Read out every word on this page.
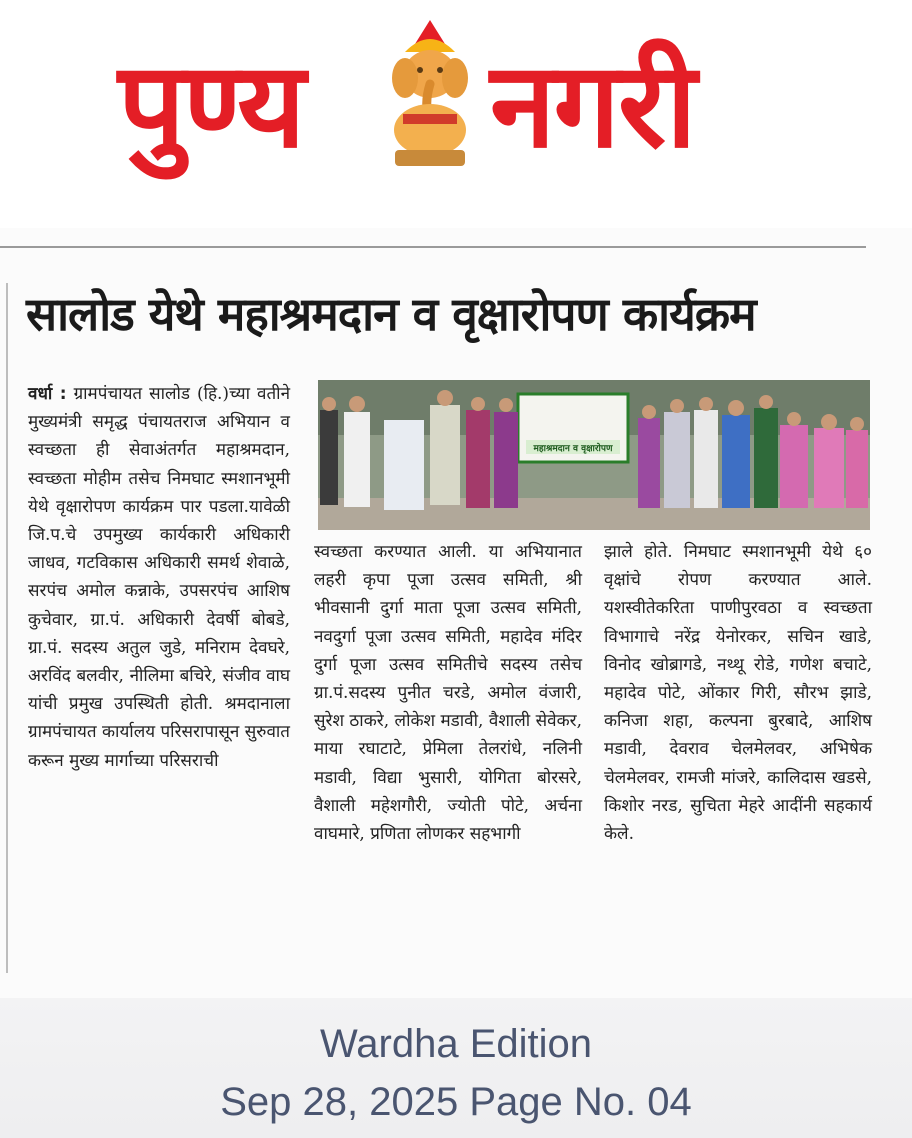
पुण्य नगरी
सालोड येथे महाश्रमदान व वृक्षारोपण कार्यक्रम
वर्धा : ग्रामपंचायत सालोड (हि.)च्या वतीने मुख्यमंत्री समृद्ध पंचायतराज अभियान व स्वच्छता ही सेवाअंतर्गत महाश्रमदान, स्वच्छता मोहीम तसेच निमघाट स्मशानभूमी येथे वृक्षारोपण कार्यक्रम पार पडला.यावेळी जि.प.चे उपमुख्य कार्यकारी अधिकारी जाधव, गटविकास अधिकारी समर्थ शेवाळे, सरपंच अमोल कन्नाके, उपसरपंच आशिष कुचेवार, ग्रा.पं. अधिकारी देवर्षी बोबडे, ग्रा.पं. सदस्य अतुल जुडे, मनिराम देवघरे, अरविंद बलवीर, नीलिमा बचिरे, संजीव वाघ यांची प्रमुख उपस्थिती होती. श्रमदानाला ग्रामपंचायत कार्यालय परिसरापासून सुरुवात करून मुख्य मार्गाच्या परिसराची
महाश्रमदान व वृक्षारोपण
स्वच्छता करण्यात आली. या अभियानात लहरी कृपा पूजा उत्सव समिती, श्री भीवसानी दुर्गा माता पूजा उत्सव समिती, नवदुर्गा पूजा उत्सव समिती, महादेव मंदिर दुर्गा पूजा उत्सव समितीचे सदस्य तसेच ग्रा.पं.सदस्य पुनीत चरडे, अमोल वंजारी, सुरेश ठाकरे, लोकेश मडावी, वैशाली सेवेकर, माया रघाटाटे, प्रेमिला तेलरांधे, नलिनी मडावी, विद्या भुसारी, योगिता बोरसरे, वैशाली महेशगौरी, ज्योती पोटे, अर्चना वाघमारे, प्रणिता लोणकर सहभागी
झाले होते. निमघाट स्मशानभूमी येथे ६० वृक्षांचे रोपण करण्यात आले. यशस्वीतेकरिता पाणीपुरवठा व स्वच्छता विभागाचे नरेंद्र येनोरकर, सचिन खाडे, विनोद खोब्रागडे, नथ्थू रोडे, गणेश बचाटे, महादेव पोटे, ओंकार गिरी, सौरभ झाडे, कनिजा शहा, कल्पना बुरबादे, आशिष मडावी, देवराव चेलमेलवर, अभिषेक चेलमेलवर, रामजी मांजरे, कालिदास खडसे, किशोर नरड, सुचिता मेहरे आदींनी सहकार्य केले.
Wardha Edition
Sep 28, 2025 Page No. 04
